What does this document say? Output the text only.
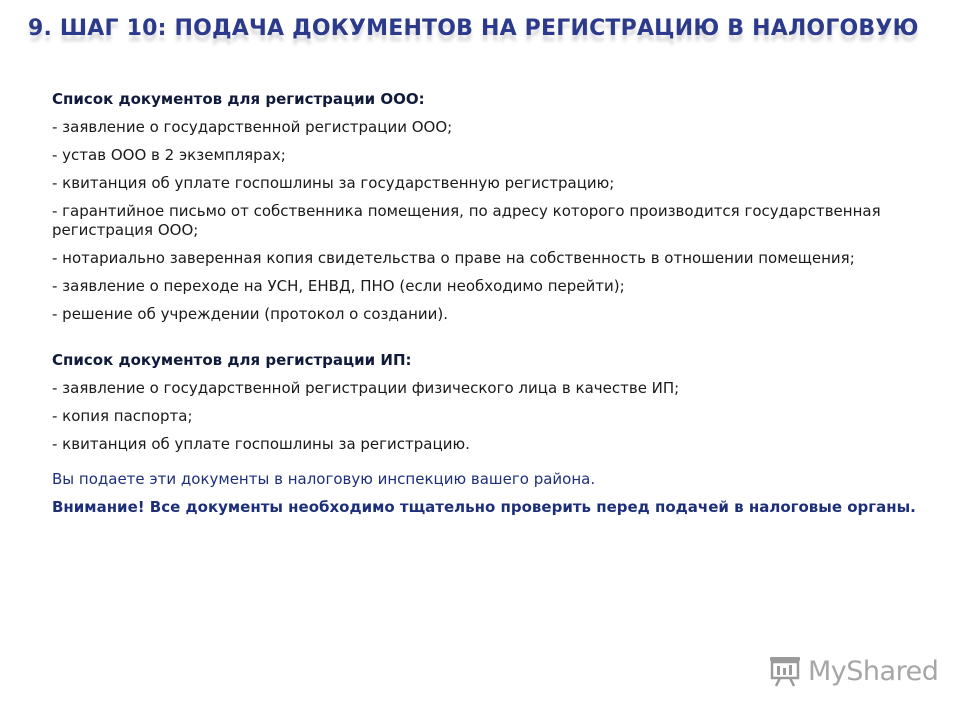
9. ШАГ 10: ПОДАЧА ДОКУМЕНТОВ НА РЕГИСТРАЦИЮ В НАЛОГОВУЮ
Список документов для регистрации ООО:
- заявление о государственной регистрации ООО;
- устав ООО в 2 экземплярах;
- квитанция об уплате госпошлины за государственную регистрацию;
- гарантийное письмо от собственника помещения, по адресу которого производится государственная регистрация ООО;
- нотариально заверенная копия свидетельства о праве на собственность в отношении помещения;
- заявление о переходе на УСН, ЕНВД, ПНО (если необходимо перейти);
- решение об учреждении (протокол о создании).
Список документов для регистрации ИП:
- заявление о государственной регистрации физического лица в качестве ИП;
- копия паспорта;
- квитанция об уплате госпошлины за регистрацию.
Вы подаете эти документы в налоговую инспекцию вашего района.
Внимание! Все документы необходимо тщательно проверить перед подачей в налоговые органы.
MyShared
